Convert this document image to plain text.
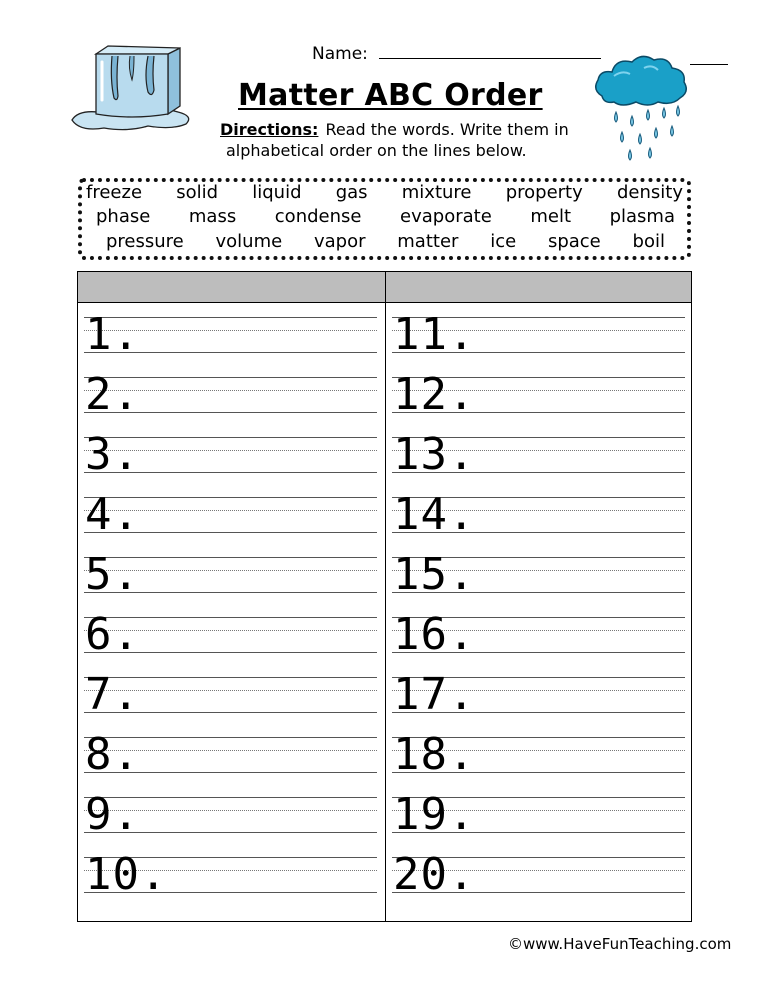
Name:
Matter ABC Order
Directions: Read the words. Write them in
alphabetical order on the lines below.
freeze solid liquid gas mixture property density
phase mass condense evaporate melt plasma
pressure volume vapor matter ice space boil
1.
2.
3.
4.
5.
6.
7.
8.
9.
10.
11.
12.
13.
14.
15.
16.
17.
18.
19.
20.
©www.HaveFunTeaching.com
